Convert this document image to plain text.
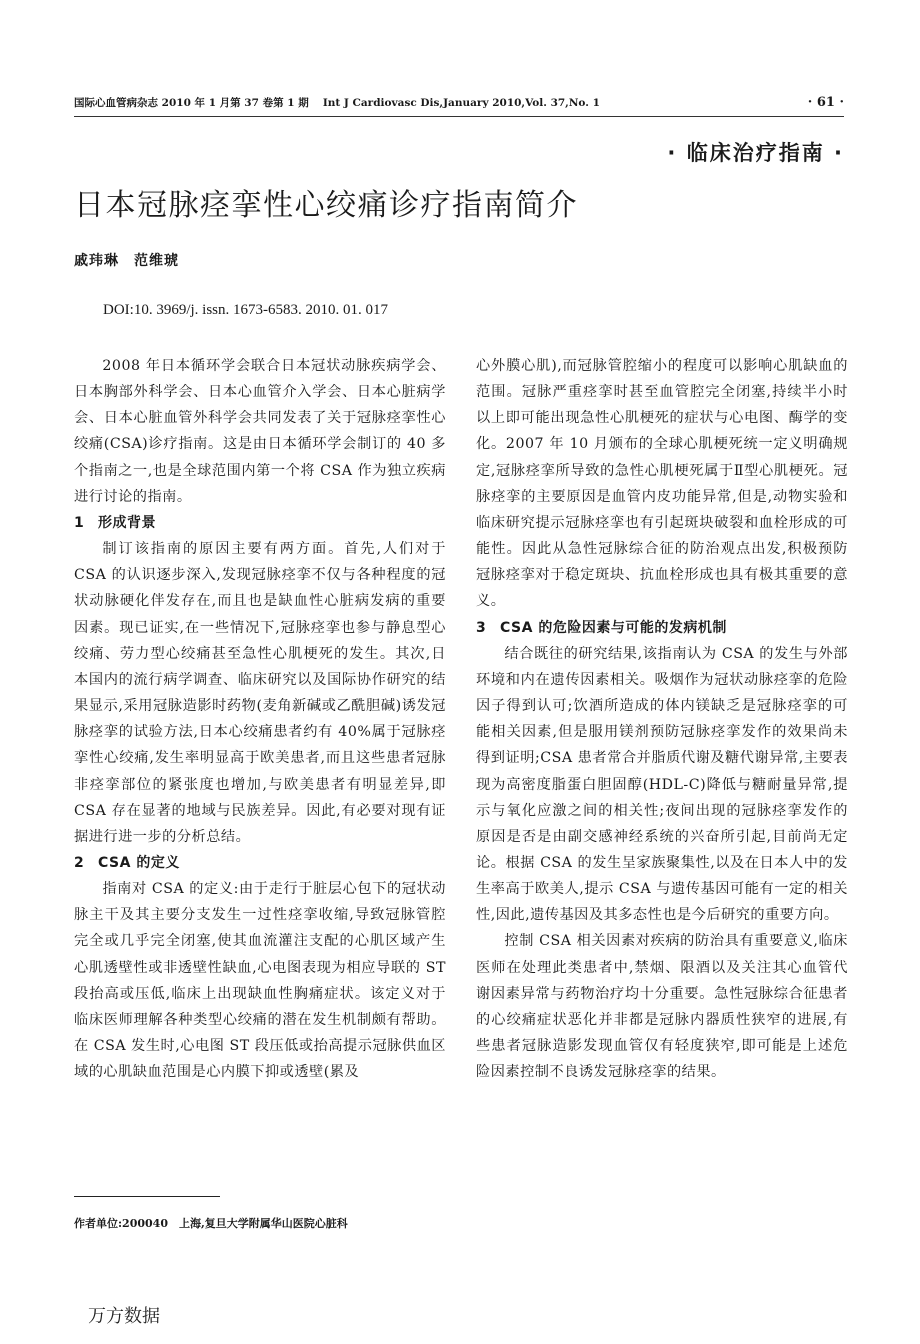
国际心血管病杂志 2010 年 1 月第 37 卷第 1 期　 Int J Cardiovasc Dis,January 2010,Vol. 37,No. 1	· 61 ·
· 临床治疗指南 ·
日本冠脉痉挛性心绞痛诊疗指南简介
戚玮琳　范维琥
DOI:10. 3969/j. issn. 1673-6583. 2010. 01. 017

2008 年日本循环学会联合日本冠状动脉疾病学会、日本胸部外科学会、日本心血管介入学会、日本心脏病学会、日本心脏血管外科学会共同发表了关于冠脉痉挛性心绞痛(CSA)诊疗指南。这是由日本循环学会制订的 40 多个指南之一,也是全球范围内第一个将 CSA 作为独立疾病进行讨论的指南。

1 形成背景

制订该指南的原因主要有两方面。首先,人们对于 CSA 的认识逐步深入,发现冠脉痉挛不仅与各种程度的冠状动脉硬化伴发存在,而且也是缺血性心脏病发病的重要因素。现已证实,在一些情况下,冠脉痉挛也参与静息型心绞痛、劳力型心绞痛甚至急性心肌梗死的发生。其次,日本国内的流行病学调查、临床研究以及国际协作研究的结果显示,采用冠脉造影时药物(麦角新碱或乙酰胆碱)诱发冠脉痉挛的试验方法,日本心绞痛患者约有 40%属于冠脉痉挛性心绞痛,发生率明显高于欧美患者,而且这些患者冠脉非痉挛部位的紧张度也增加,与欧美患者有明显差异,即 CSA 存在显著的地域与民族差异。因此,有必要对现有证据进行进一步的分析总结。

2 CSA 的定义

指南对 CSA 的定义:由于走行于脏层心包下的冠状动脉主干及其主要分支发生一过性痉挛收缩,导致冠脉管腔完全或几乎完全闭塞,使其血流灌注支配的心肌区域产生心肌透壁性或非透壁性缺血,心电图表现为相应导联的 ST 段抬高或压低,临床上出现缺血性胸痛症状。该定义对于临床医师理解各种类型心绞痛的潜在发生机制颇有帮助。在 CSA 发生时,心电图 ST 段压低或抬高提示冠脉供血区域的心肌缺血范围是心内膜下抑或透壁(累及

心外膜心肌),而冠脉管腔缩小的程度可以影响心肌缺血的范围。冠脉严重痉挛时甚至血管腔完全闭塞,持续半小时以上即可能出现急性心肌梗死的症状与心电图、酶学的变化。2007 年 10 月颁布的全球心肌梗死统一定义明确规定,冠脉痉挛所导致的急性心肌梗死属于Ⅱ型心肌梗死。冠脉痉挛的主要原因是血管内皮功能异常,但是,动物实验和临床研究提示冠脉痉挛也有引起斑块破裂和血栓形成的可能性。因此从急性冠脉综合征的防治观点出发,积极预防冠脉痉挛对于稳定斑块、抗血栓形成也具有极其重要的意义。

3 CSA 的危险因素与可能的发病机制

结合既往的研究结果,该指南认为 CSA 的发生与外部环境和内在遗传因素相关。吸烟作为冠状动脉痉挛的危险因子得到认可;饮酒所造成的体内镁缺乏是冠脉痉挛的可能相关因素,但是服用镁剂预防冠脉痉挛发作的效果尚未得到证明;CSA 患者常合并脂质代谢及糖代谢异常,主要表现为高密度脂蛋白胆固醇(HDL-C)降低与糖耐量异常,提示与氧化应激之间的相关性;夜间出现的冠脉痉挛发作的原因是否是由副交感神经系统的兴奋所引起,目前尚无定论。根据 CSA 的发生呈家族聚集性,以及在日本人中的发生率高于欧美人,提示 CSA 与遗传基因可能有一定的相关性,因此,遗传基因及其多态性也是今后研究的重要方向。

控制 CSA 相关因素对疾病的防治具有重要意义,临床医师在处理此类患者中,禁烟、限酒以及关注其心血管代谢因素异常与药物治疗均十分重要。急性冠脉综合征患者的心绞痛症状恶化并非都是冠脉内器质性狭窄的进展,有些患者冠脉造影发现血管仅有轻度狭窄,即可能是上述危险因素控制不良诱发冠脉痉挛的结果。

作者单位:200040　上海,复旦大学附属华山医院心脏科
万方数据
